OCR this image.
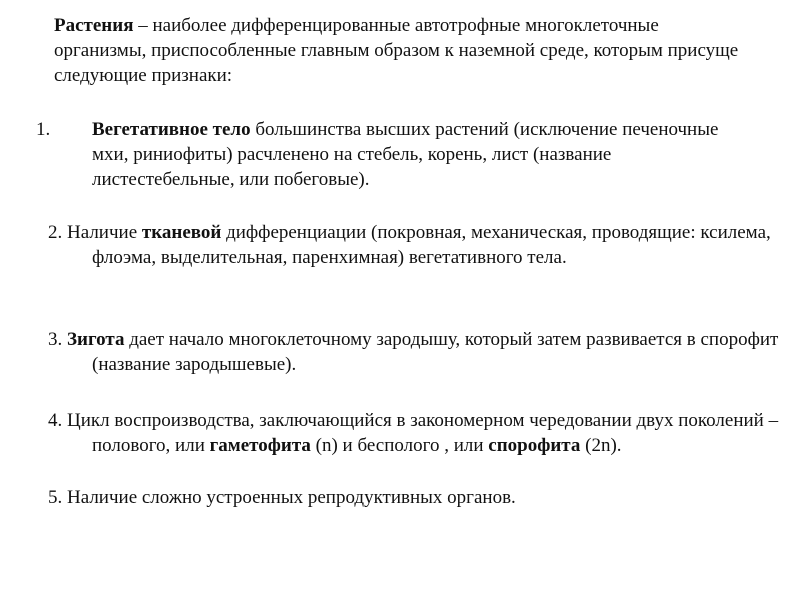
Растения – наиболее дифференцированные автотрофные многоклеточные организмы, приспособленные главным образом к наземной среде, которым присуще следующие признаки:

1. Вегетативное тело большинства высших растений (исключение печеночные мхи, риниофиты) расчленено на стебель, корень, лист (название листестебельные, или побеговые).

2. Наличие тканевой дифференциации (покровная, механическая, проводящие: ксилема, флоэма, выделительная, паренхимная) вегетативного тела.

3. Зигота дает начало многоклеточному зародышу, который затем развивается в спорофит (название зародышевые).

4. Цикл воспроизводства, заключающийся в закономерном чередовании двух поколений – полового, или гаметофита (n) и бесполого , или спорофита (2n).

5. Наличие сложно устроенных репродуктивных органов.
